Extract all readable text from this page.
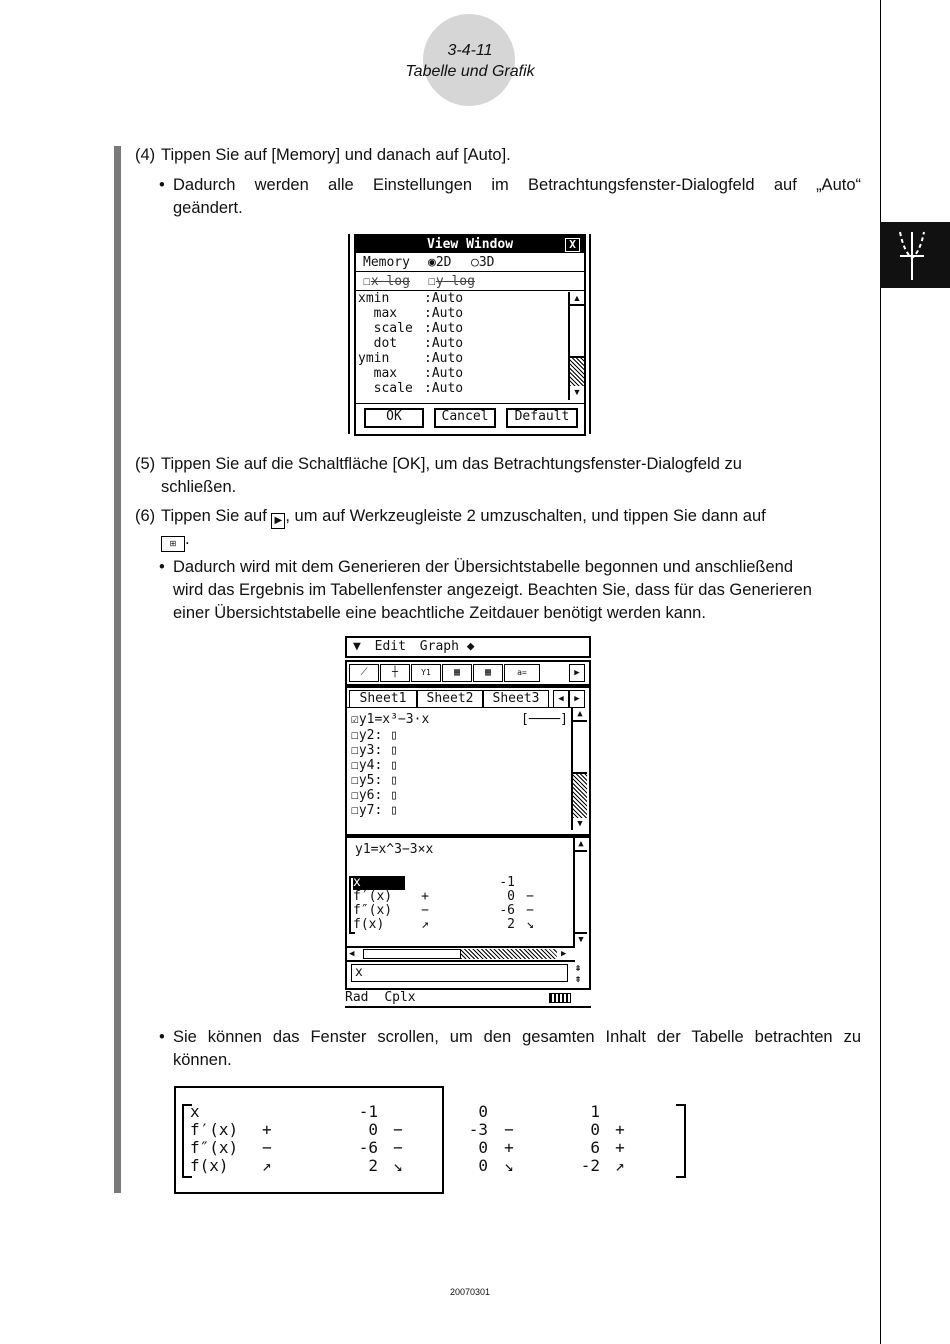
3-4-11
Tabelle und Grafik
(4) Tippen Sie auf [Memory] und danach auf [Auto].
• Dadurch werden alle Einstellungen im Betrachtungsfenster-Dialogfeld auf „Auto“
geändert.
View Window	X
Memory ◉2D ○3D
☐x-log ☐y-log
xmin	:Auto
max :Auto
scale :Auto
dot :Auto
ymin	:Auto
max :Auto
scale :Auto
▲
▼
OK	Cancel	Default
(5) Tippen Sie auf die Schaltfläche [OK], um das Betrachtungsfenster-Dialogfeld zu
schließen.
(6) Tippen Sie auf ▶ , um auf Werkzeugleiste 2 umzuschalten, und tippen Sie dann auf
⊞ .
• Dadurch wird mit dem Generieren der Übersichtstabelle begonnen und anschließend
wird das Ergebnis im Tabellenfenster angezeigt. Beachten Sie, dass für das Generieren
einer Übersichtstabelle eine beachtliche Zeitdauer benötigt werden kann.
▼ Edit Graph ◆
⟋	┼	Y1	▦	▦	a=	▶
Sheet1	Sheet2	Sheet3	◀	▶
☑y1=x³−3·x	[────]
☐y2: ▯
☐y3: ▯
☐y4: ▯
☐y5: ▯
☐y6: ▯
☐y7: ▯
▲
▼
y1=x^3−3×x
x	-1
f′(x) +	0 −
f″(x) −	-6 −
f(x)	↗	2 ↘
▲
▼
◀	▶
x	⇞
⇟
Rad Cplx
• Sie können das Fenster scrollen, um den gesamten Inhalt der Tabelle betrachten zu
können.
x	-1	0	1
f′(x) +	0 −	-3 −	0 +
f″(x) −	-6 −	0 +	6 +
f(x) ↗	2 ↘	0 ↘	-2 ↗
20070301
